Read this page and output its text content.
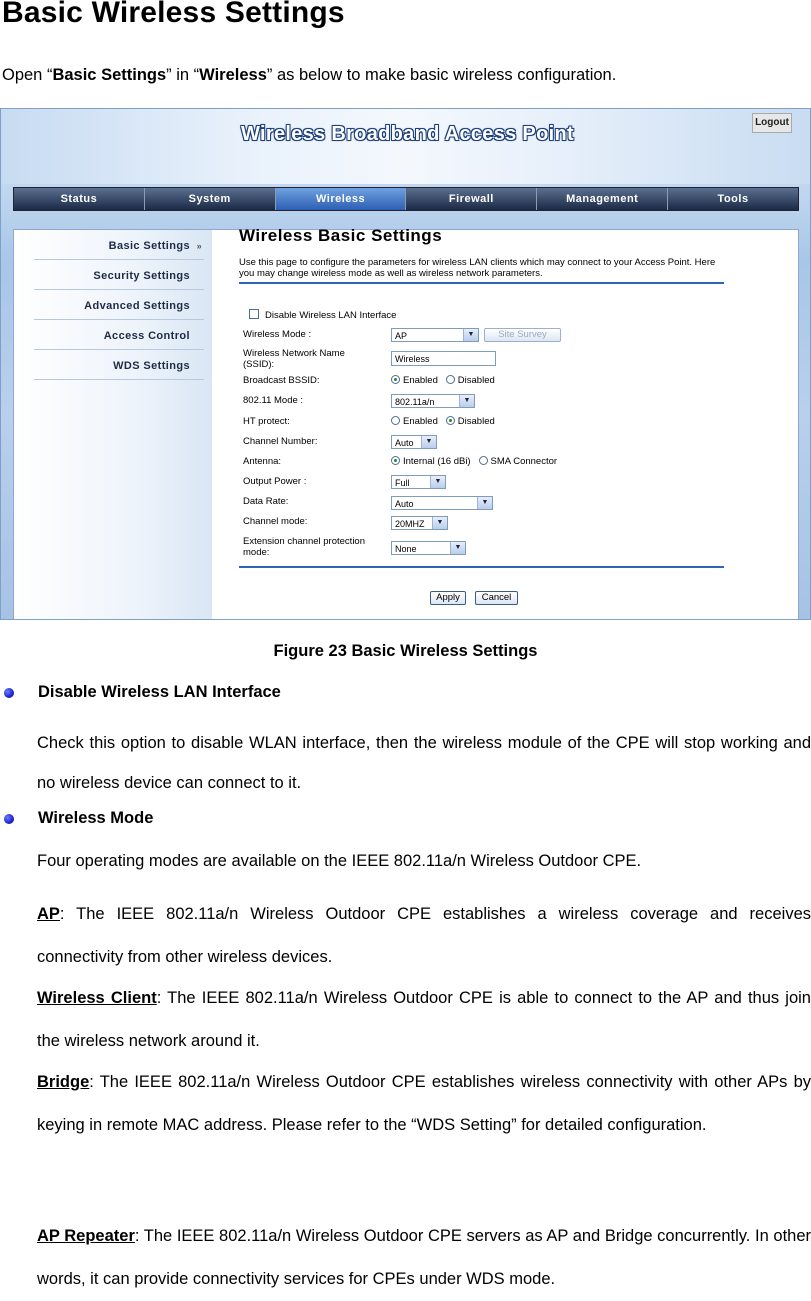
Basic Wireless Settings
Open “Basic Settings” in “Wireless” as below to make basic wireless configuration.
Wireless Broadband Access Point
Logout
Status	System	Wireless	Firewall	Management	Tools
Basic Settings »
Security Settings
Advanced Settings
Access Control
WDS Settings
Wireless Basic Settings
Use this page to configure the parameters for wireless LAN clients which may connect to your Access Point. Here you may change wireless mode as well as wireless network parameters.
Disable Wireless LAN Interface
Wireless Mode :	AP	▼	Site Survey
Wireless Network Name (SSID):	Wireless
Broadcast BSSID:	Enabled Disabled
802.11 Mode :	802.11a/n	▼
HT protect:	Enabled Disabled
Channel Number:	Auto	▼
Antenna:	Internal (16 dBi) SMA Connector
Output Power :	Full	▼
Data Rate:	Auto	▼
Channel mode:	20MHZ	▼
Extension channel protection mode:	None	▼
Apply	Cancel
Figure 23 Basic Wireless Settings
Disable Wireless LAN Interface
Check this option to disable WLAN interface, then the wireless module of the CPE will stop working and no wireless device can connect to it.
Wireless Mode
Four operating modes are available on the IEEE 802.11a/n Wireless Outdoor CPE.
AP: The IEEE 802.11a/n Wireless Outdoor CPE establishes a wireless coverage and receives connectivity from other wireless devices.
Wireless Client: The IEEE 802.11a/n Wireless Outdoor CPE is able to connect to the AP and thus join the wireless network around it.
Bridge: The IEEE 802.11a/n Wireless Outdoor CPE establishes wireless connectivity with other APs by keying in remote MAC address. Please refer to the “WDS Setting” for detailed configuration.
AP Repeater: The IEEE 802.11a/n Wireless Outdoor CPE servers as AP and Bridge concurrently. In other words, it can provide connectivity services for CPEs under WDS mode.
